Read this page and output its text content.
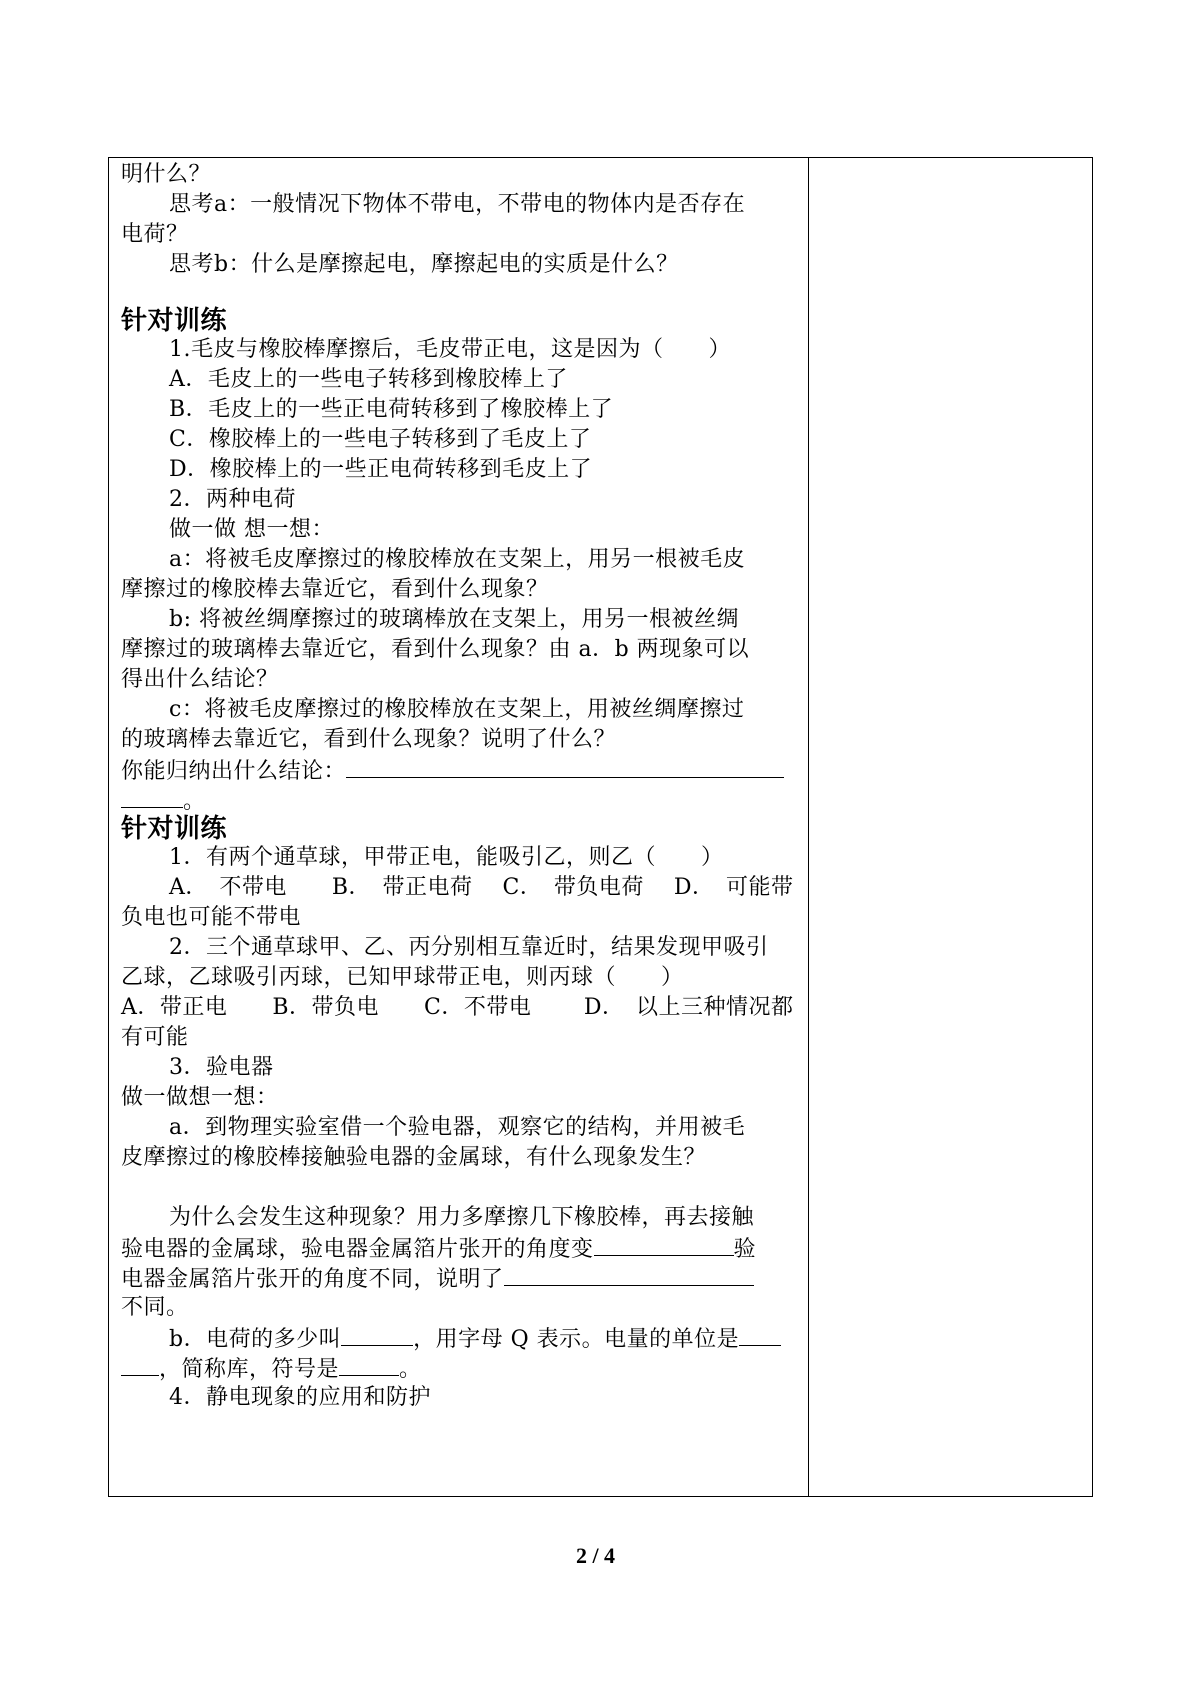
明什么？
思考a：一般情况下物体不带电，不带电的物体内是否存在
电荷？
思考b：什么是摩擦起电，摩擦起电的实质是什么？
针对训练
1.毛皮与橡胶棒摩擦后，毛皮带正电，这是因为（　　）
A．毛皮上的一些电子转移到橡胶棒上了
B．毛皮上的一些正电荷转移到了橡胶棒上了
C．橡胶棒上的一些电子转移到了毛皮上了
D．橡胶棒上的一些正电荷转移到毛皮上了
2．两种电荷
做一做 想一想：
a：将被毛皮摩擦过的橡胶棒放在支架上，用另一根被毛皮
摩擦过的橡胶棒去靠近它，看到什么现象？
b: 将被丝绸摩擦过的玻璃棒放在支架上，用另一根被丝绸
摩擦过的玻璃棒去靠近它，看到什么现象？由 a．b 两现象可以
得出什么结论？
c：将被毛皮摩擦过的橡胶棒放在支架上，用被丝绸摩擦过
的玻璃棒去靠近它，看到什么现象？说明了什么？
你能归纳出什么结论：
。
针对训练
1．有两个通草球，甲带正电，能吸引乙，则乙（　　）
A．　不带电　　B．　带正电荷　 C．　带负电荷　 D．　可能带
负电也可能不带电
2．三个通草球甲、乙、丙分别相互靠近时，结果发现甲吸引
乙球，乙球吸引丙球，已知甲球带正电，则丙球（　　）
A．带正电　　B．带负电　　C．不带电　　 D．　以上三种情况都
有可能
3．验电器
做一做想一想：
a．到物理实验室借一个验电器，观察它的结构，并用被毛
皮摩擦过的橡胶棒接触验电器的金属球，有什么现象发生？
为什么会发生这种现象？用力多摩擦几下橡胶棒，再去接触
验电器的金属球，验电器金属箔片张开的角度变	验
电器金属箔片张开的角度不同，说明了
不同。
b．电荷的多少叫	，用字母 Q 表示。电量的单位是
，简称库，符号是	。
4．静电现象的应用和防护
2 / 4
